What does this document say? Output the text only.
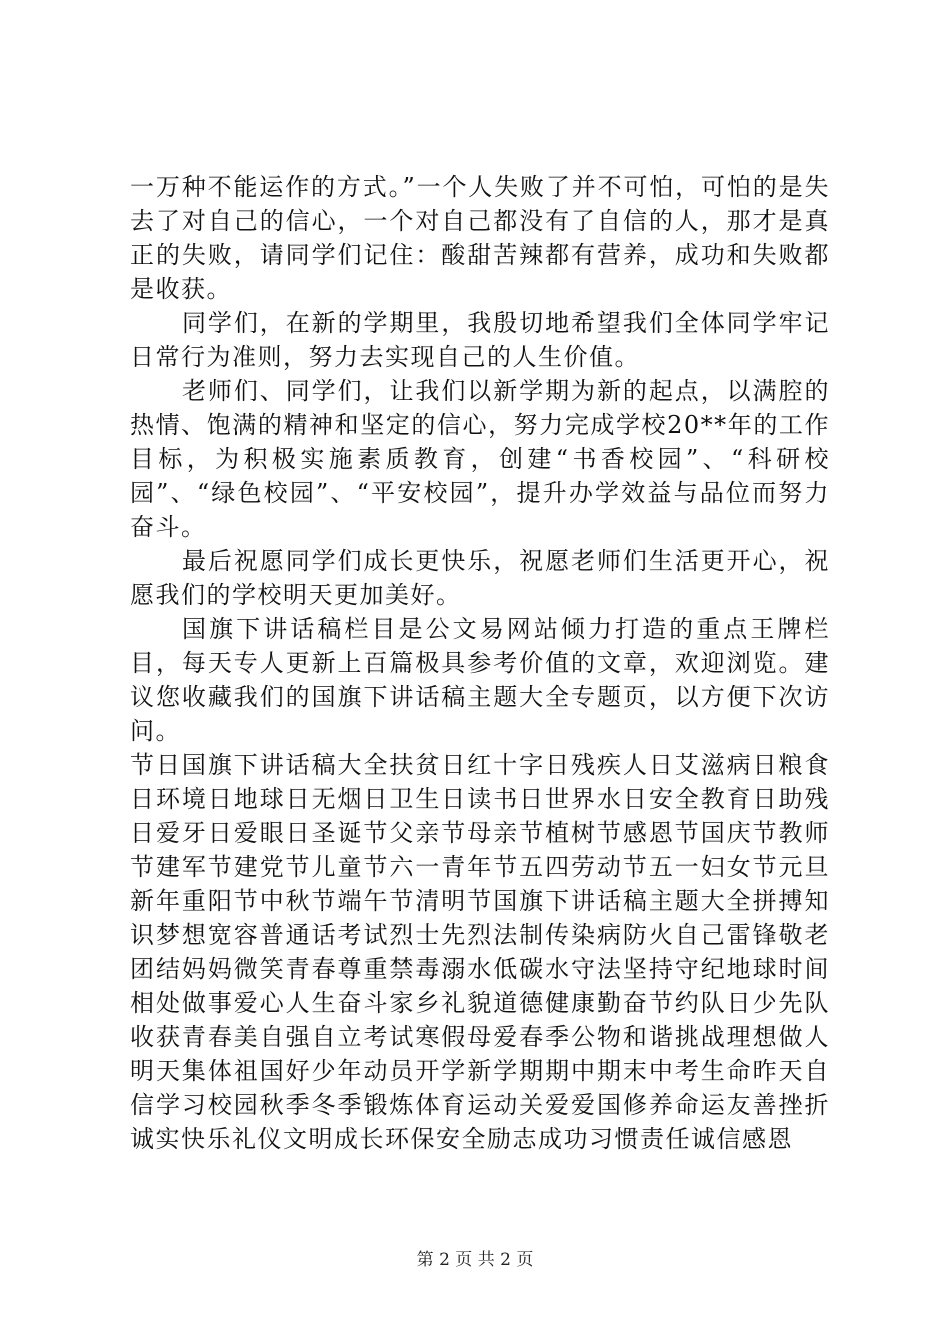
一万种不能运作的方式。”一个人失败了并不可怕，可怕的是失去了对自己的信心，一个对自己都没有了自信的人，那才是真正的失败，请同学们记住：酸甜苦辣都有营养，成功和失败都是收获。

同学们，在新的学期里，我殷切地希望我们全体同学牢记日常行为准则，努力去实现自己的人生价值。

老师们、同学们，让我们以新学期为新的起点，以满腔的热情、饱满的精神和坚定的信心，努力完成学校20**年的工作目标，为积极实施素质教育，创建“书香校园”、“科研校园”、“绿色校园”、“平安校园”，提升办学效益与品位而努力奋斗。

最后祝愿同学们成长更快乐，祝愿老师们生活更开心，祝愿我们的学校明天更加美好。

国旗下讲话稿栏目是公文易网站倾力打造的重点王牌栏目，每天专人更新上百篇极具参考价值的文章，欢迎浏览。建议您收藏我们的国旗下讲话稿主题大全专题页，以方便下次访问。

节日国旗下讲话稿大全扶贫日红十字日残疾人日艾滋病日粮食日环境日地球日无烟日卫生日读书日世界水日安全教育日助残日爱牙日爱眼日圣诞节父亲节母亲节植树节感恩节国庆节教师节建军节建党节儿童节六一青年节五四劳动节五一妇女节元旦新年重阳节中秋节端午节清明节国旗下讲话稿主题大全拼搏知识梦想宽容普通话考试烈士先烈法制传染病防火自己雷锋敬老团结妈妈微笑青春尊重禁毒溺水低碳水守法坚持守纪地球时间相处做事爱心人生奋斗家乡礼貌道德健康勤奋节约队日少先队收获青春美自强自立考试寒假母爱春季公物和谐挑战理想做人明天集体祖国好少年动员开学新学期期中期末中考生命昨天自信学习校园秋季冬季锻炼体育运动关爱爱国修养命运友善挫折诚实快乐礼仪文明成长环保安全励志成功习惯责任诚信感恩

第 2 页 共 2 页
